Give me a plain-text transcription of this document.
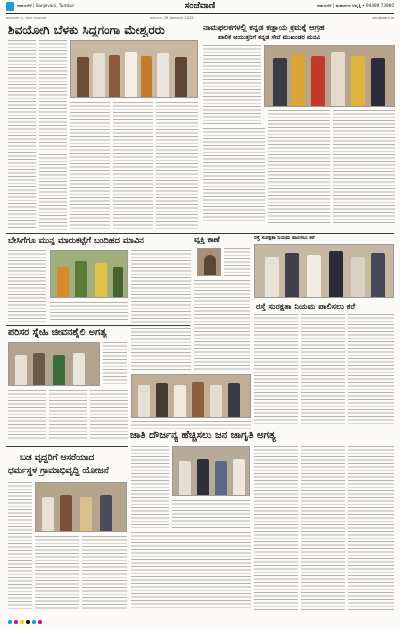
ದಾವಣಗೆರೆ | Sanjevani, Tumkur	ದಾವಣಗೆರೆ | ಮಹಾನಗರ ಆವೃತ್ತಿ • 94499 73960
ಸಂಜೆವಾಣಿ
ತುಮಕೂರು ಜ. ಕಛೇರಿ ಮಹಾನಗರ	ಗುರುವಾರ, 16 January 2025	sanjevani.in
ಶಿವಯೋಗಿ ಬೆಳಕು ಸಿದ್ದಗಂಗಾ ಮೇಶ್ವರರು	ನಾಮಫಲಕಗಳಲ್ಲಿ ಕನ್ನಡ ಕಡ್ಡಾಯ ಕ್ರಮಕ್ಕೆ ಆಗ್ರಹ
ಪಾಲಿಕೆ ಆಯುಕ್ತರಿಗೆ ಕನ್ನಡ ಸೇನೆ ಮುಖಂಡರ ಮನವಿ
ಬೇಸಿಗೆಗೂ ಮುನ್ನ ಮಾರುಕಟ್ಟೆಗೆ ಬಂದಿಹದ ಮಾವಿನ	ವ್ಯಕ್ತಿ ಕಾಣೆ	ರಸ್ತೆ ಸುರಕ್ಷತಾ ನಿಯಮ ಪಾಲಿಸಲು ಕರೆ
ರಸ್ತೆ ಸುರಕ್ಷತಾ ನಿಯಮ ಪಾಲಿಸಲು ಕರೆ
ಪರಿಸರ ಸ್ನೇಹಿ ಜೀವನಶೈಲಿ ಅಗತ್ಯ
ಜಾತಿ ದೌರ್ಜನ್ಯ ಹೆಚ್ಚಿಸಲು ಜನ ಜಾಗೃತಿ ಅಗತ್ಯ
ಬಡ ವೃದ್ಧರಿಗೆ ಆಸರೆಯಾದ
ಧರ್ಮಸ್ಥಳ ಗ್ರಾಮಾಭಿವೃದ್ಧಿ ಯೋಜನೆ
